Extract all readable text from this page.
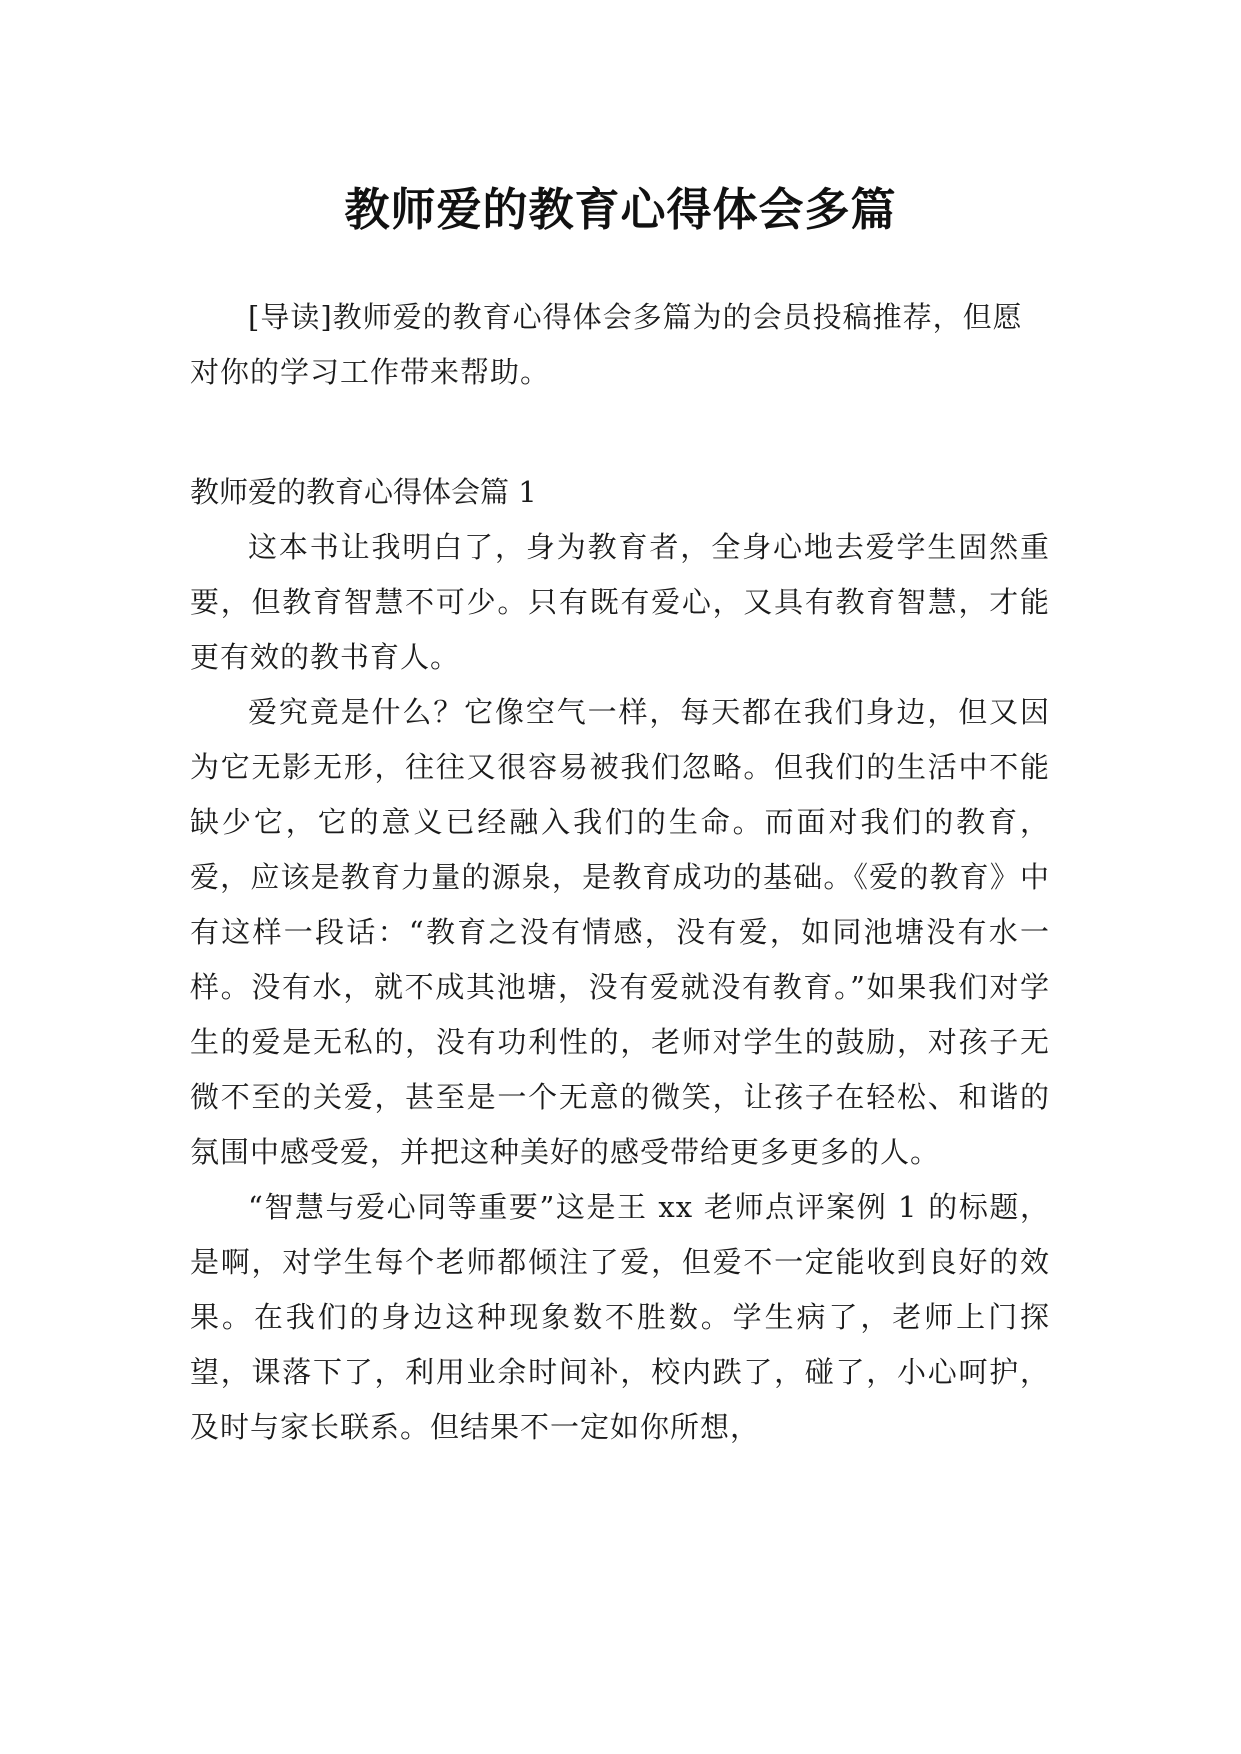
教师爱的教育心得体会多篇

[导读]教师爱的教育心得体会多篇为的会员投稿推荐，但愿对你的学习工作带来帮助。

教师爱的教育心得体会篇 1

这本书让我明白了，身为教育者，全身心地去爱学生固然重要，但教育智慧不可少。只有既有爱心，又具有教育智慧，才能更有效的教书育人。

爱究竟是什么？它像空气一样，每天都在我们身边，但又因为它无影无形，往往又很容易被我们忽略。但我们的生活中不能缺少它，它的意义已经融入我们的生命。而面对我们的教育，爱，应该是教育力量的源泉，是教育成功的基础。《爱的教育》中有这样一段话：“教育之没有情感，没有爱，如同池塘没有水一样。没有水，就不成其池塘，没有爱就没有教育。”如果我们对学生的爱是无私的，没有功利性的，老师对学生的鼓励，对孩子无微不至的关爱，甚至是一个无意的微笑，让孩子在轻松、和谐的氛围中感受爱，并把这种美好的感受带给更多更多的人。

“智慧与爱心同等重要”这是王 xx 老师点评案例 1 的标题，是啊，对学生每个老师都倾注了爱，但爱不一定能收到良好的效果。在我们的身边这种现象数不胜数。学生病了，老师上门探望，课落下了，利用业余时间补，校内跌了，碰了，小心呵护，及时与家长联系。但结果不一定如你所想，
